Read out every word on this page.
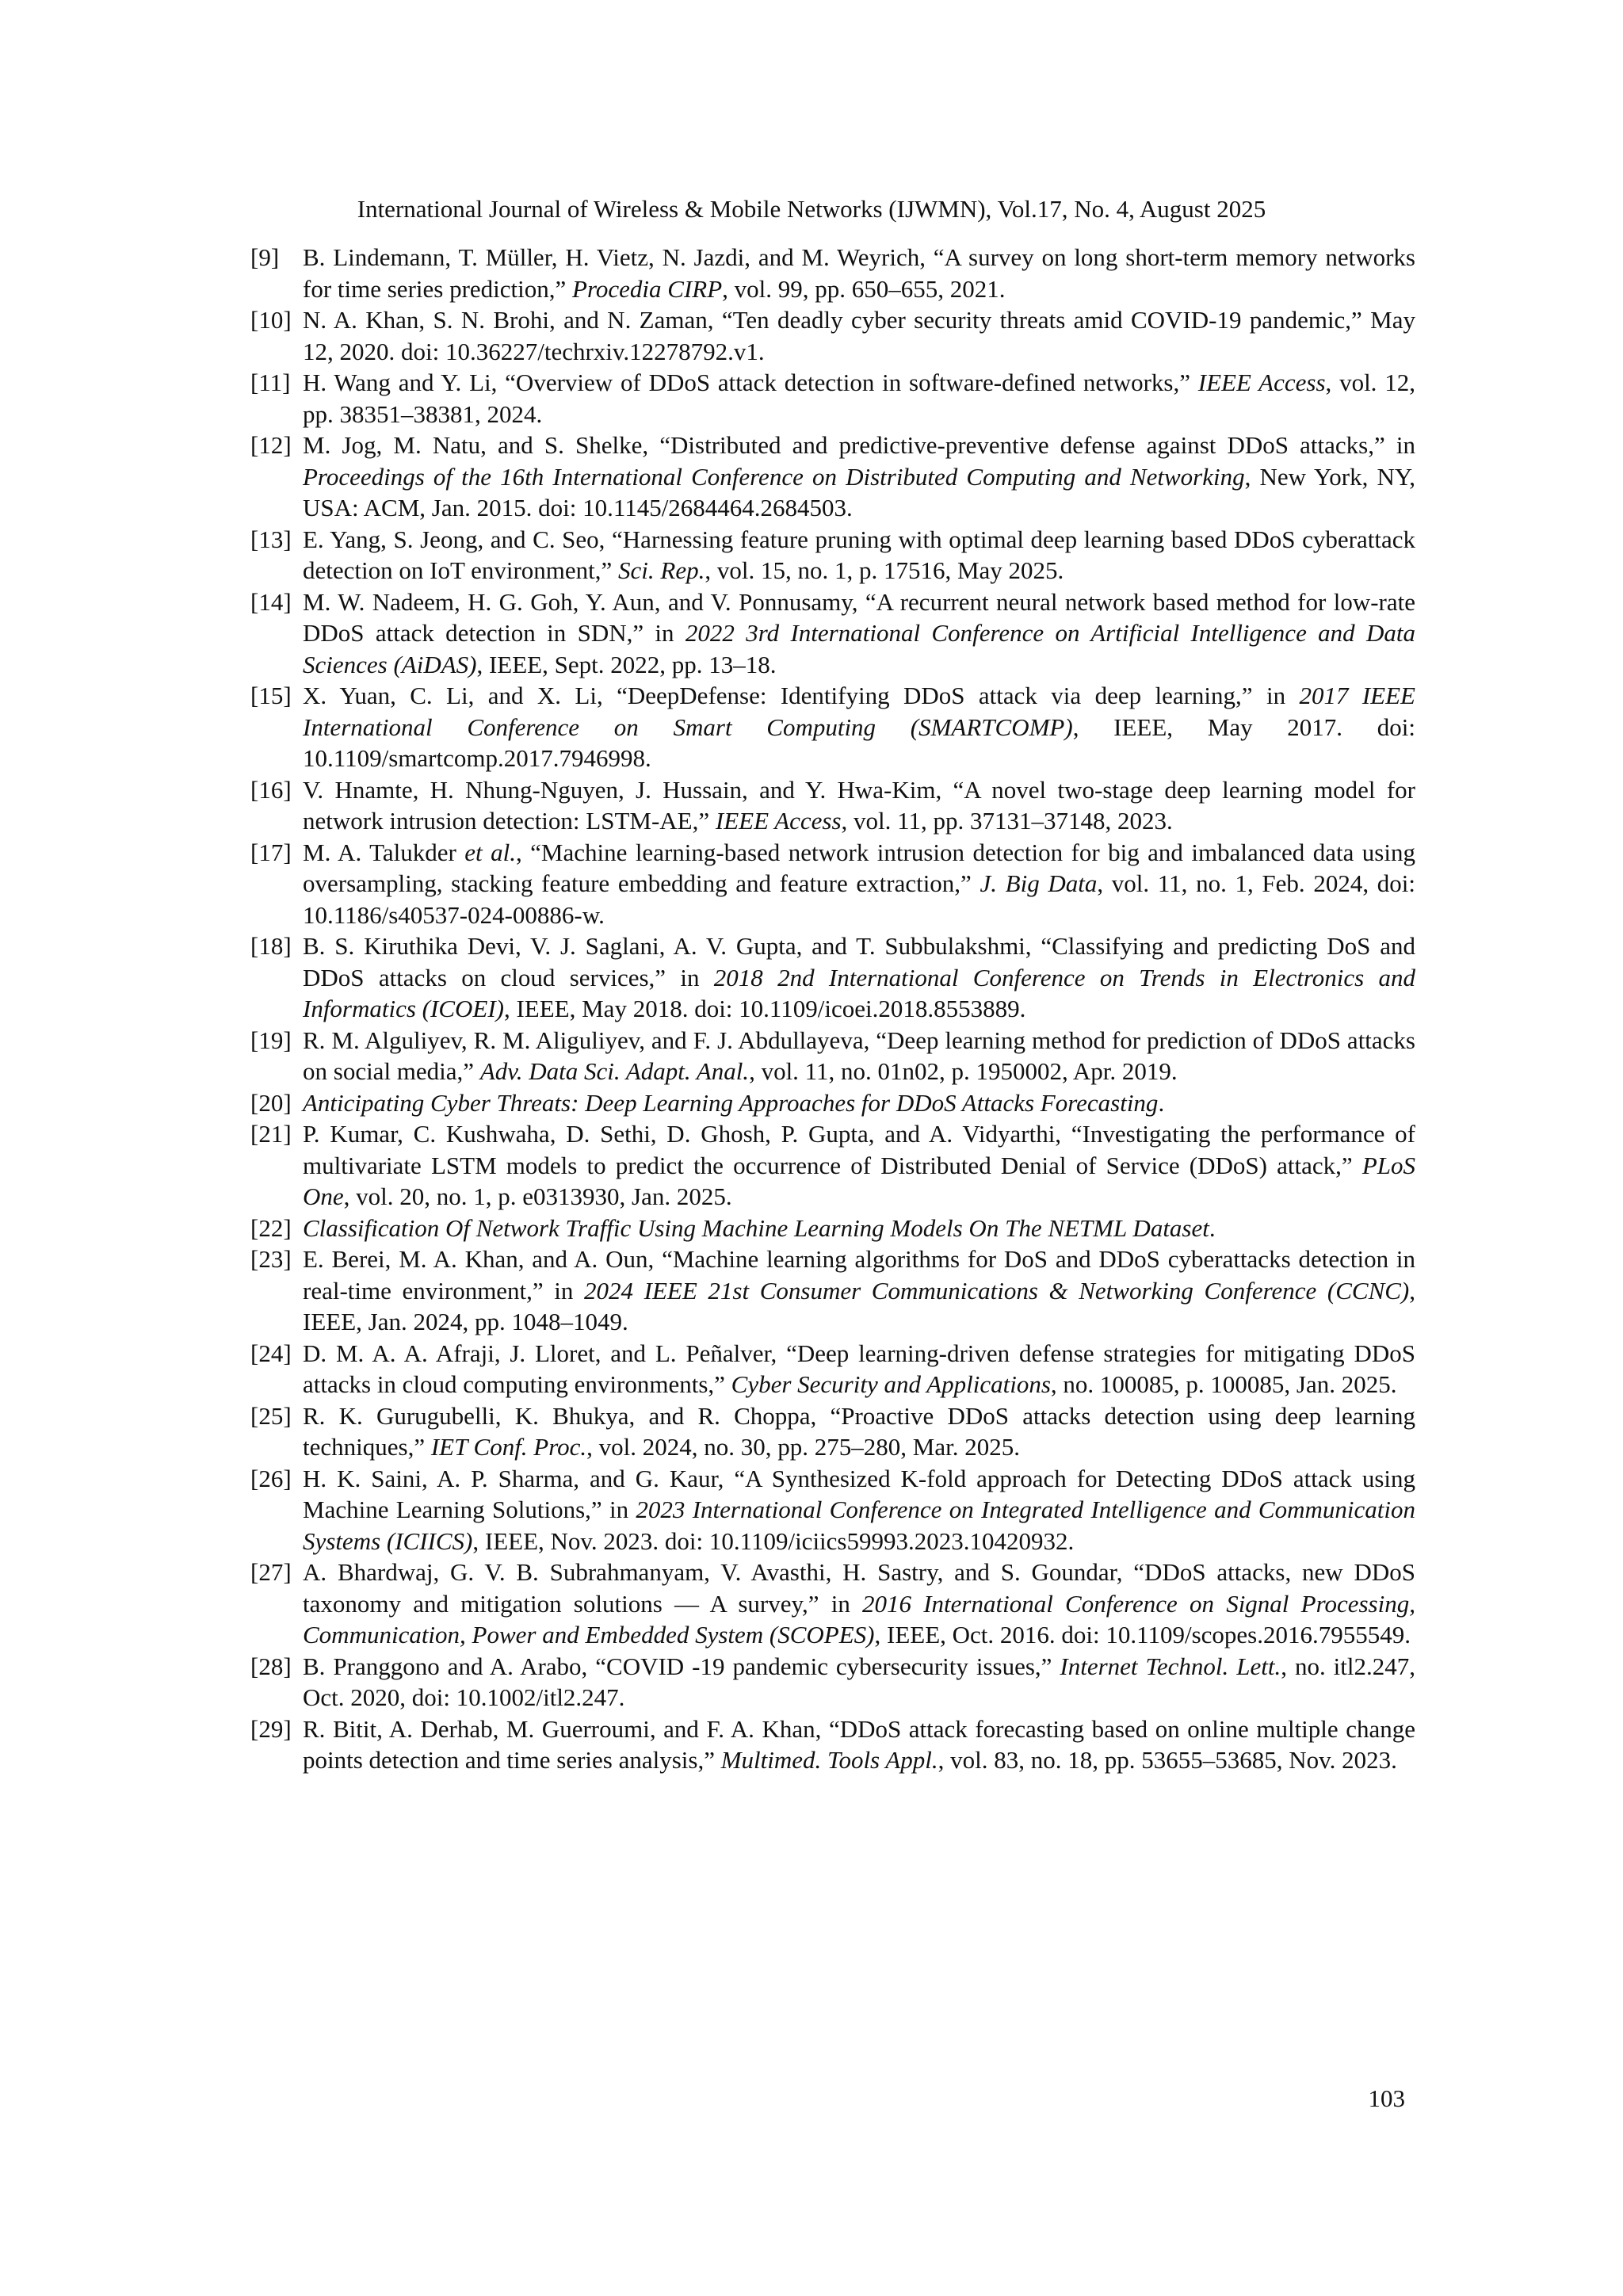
International Journal of Wireless & Mobile Networks (IJWMN), Vol.17, No. 4, August 2025
[9] B. Lindemann, T. Müller, H. Vietz, N. Jazdi, and M. Weyrich, “A survey on long short-term memory networks for time series prediction,” Procedia CIRP, vol. 99, pp. 650–655, 2021.
[10] N. A. Khan, S. N. Brohi, and N. Zaman, “Ten deadly cyber security threats amid COVID-19 pandemic,” May 12, 2020. doi: 10.36227/techrxiv.12278792.v1.
[11] H. Wang and Y. Li, “Overview of DDoS attack detection in software-defined networks,” IEEE Access, vol. 12, pp. 38351–38381, 2024.
[12] M. Jog, M. Natu, and S. Shelke, “Distributed and predictive-preventive defense against DDoS attacks,” in Proceedings of the 16th International Conference on Distributed Computing and Networking, New York, NY, USA: ACM, Jan. 2015. doi: 10.1145/2684464.2684503.
[13] E. Yang, S. Jeong, and C. Seo, “Harnessing feature pruning with optimal deep learning based DDoS cyberattack detection on IoT environment,” Sci. Rep., vol. 15, no. 1, p. 17516, May 2025.
[14] M. W. Nadeem, H. G. Goh, Y. Aun, and V. Ponnusamy, “A recurrent neural network based method for low-rate DDoS attack detection in SDN,” in 2022 3rd International Conference on Artificial Intelligence and Data Sciences (AiDAS), IEEE, Sept. 2022, pp. 13–18.
[15] X. Yuan, C. Li, and X. Li, “DeepDefense: Identifying DDoS attack via deep learning,” in 2017 IEEE International Conference on Smart Computing (SMARTCOMP), IEEE, May 2017. doi: 10.1109/smartcomp.2017.7946998.
[16] V. Hnamte, H. Nhung-Nguyen, J. Hussain, and Y. Hwa-Kim, “A novel two-stage deep learning model for network intrusion detection: LSTM-AE,” IEEE Access, vol. 11, pp. 37131–37148, 2023.
[17] M. A. Talukder et al., “Machine learning-based network intrusion detection for big and imbalanced data using oversampling, stacking feature embedding and feature extraction,” J. Big Data, vol. 11, no. 1, Feb. 2024, doi: 10.1186/s40537-024-00886-w.
[18] B. S. Kiruthika Devi, V. J. Saglani, A. V. Gupta, and T. Subbulakshmi, “Classifying and predicting DoS and DDoS attacks on cloud services,” in 2018 2nd International Conference on Trends in Electronics and Informatics (ICOEI), IEEE, May 2018. doi: 10.1109/icoei.2018.8553889.
[19] R. M. Alguliyev, R. M. Aliguliyev, and F. J. Abdullayeva, “Deep learning method for prediction of DDoS attacks on social media,” Adv. Data Sci. Adapt. Anal., vol. 11, no. 01n02, p. 1950002, Apr. 2019.
[20] Anticipating Cyber Threats: Deep Learning Approaches for DDoS Attacks Forecasting.
[21] P. Kumar, C. Kushwaha, D. Sethi, D. Ghosh, P. Gupta, and A. Vidyarthi, “Investigating the performance of multivariate LSTM models to predict the occurrence of Distributed Denial of Service (DDoS) attack,” PLoS One, vol. 20, no. 1, p. e0313930, Jan. 2025.
[22] Classification Of Network Traffic Using Machine Learning Models On The NETML Dataset.
[23] E. Berei, M. A. Khan, and A. Oun, “Machine learning algorithms for DoS and DDoS cyberattacks detection in real-time environment,” in 2024 IEEE 21st Consumer Communications & Networking Conference (CCNC), IEEE, Jan. 2024, pp. 1048–1049.
[24] D. M. A. A. Afraji, J. Lloret, and L. Peñalver, “Deep learning-driven defense strategies for mitigating DDoS attacks in cloud computing environments,” Cyber Security and Applications, no. 100085, p. 100085, Jan. 2025.
[25] R. K. Gurugubelli, K. Bhukya, and R. Choppa, “Proactive DDoS attacks detection using deep learning techniques,” IET Conf. Proc., vol. 2024, no. 30, pp. 275–280, Mar. 2025.
[26] H. K. Saini, A. P. Sharma, and G. Kaur, “A Synthesized K-fold approach for Detecting DDoS attack using Machine Learning Solutions,” in 2023 International Conference on Integrated Intelligence and Communication Systems (ICIICS), IEEE, Nov. 2023. doi: 10.1109/iciics59993.2023.10420932.
[27] A. Bhardwaj, G. V. B. Subrahmanyam, V. Avasthi, H. Sastry, and S. Goundar, “DDoS attacks, new DDoS taxonomy and mitigation solutions — A survey,” in 2016 International Conference on Signal Processing, Communication, Power and Embedded System (SCOPES), IEEE, Oct. 2016. doi: 10.1109/scopes.2016.7955549.
[28] B. Pranggono and A. Arabo, “COVID -19 pandemic cybersecurity issues,” Internet Technol. Lett., no. itl2.247, Oct. 2020, doi: 10.1002/itl2.247.
[29] R. Bitit, A. Derhab, M. Guerroumi, and F. A. Khan, “DDoS attack forecasting based on online multiple change points detection and time series analysis,” Multimed. Tools Appl., vol. 83, no. 18, pp. 53655–53685, Nov. 2023.
103
